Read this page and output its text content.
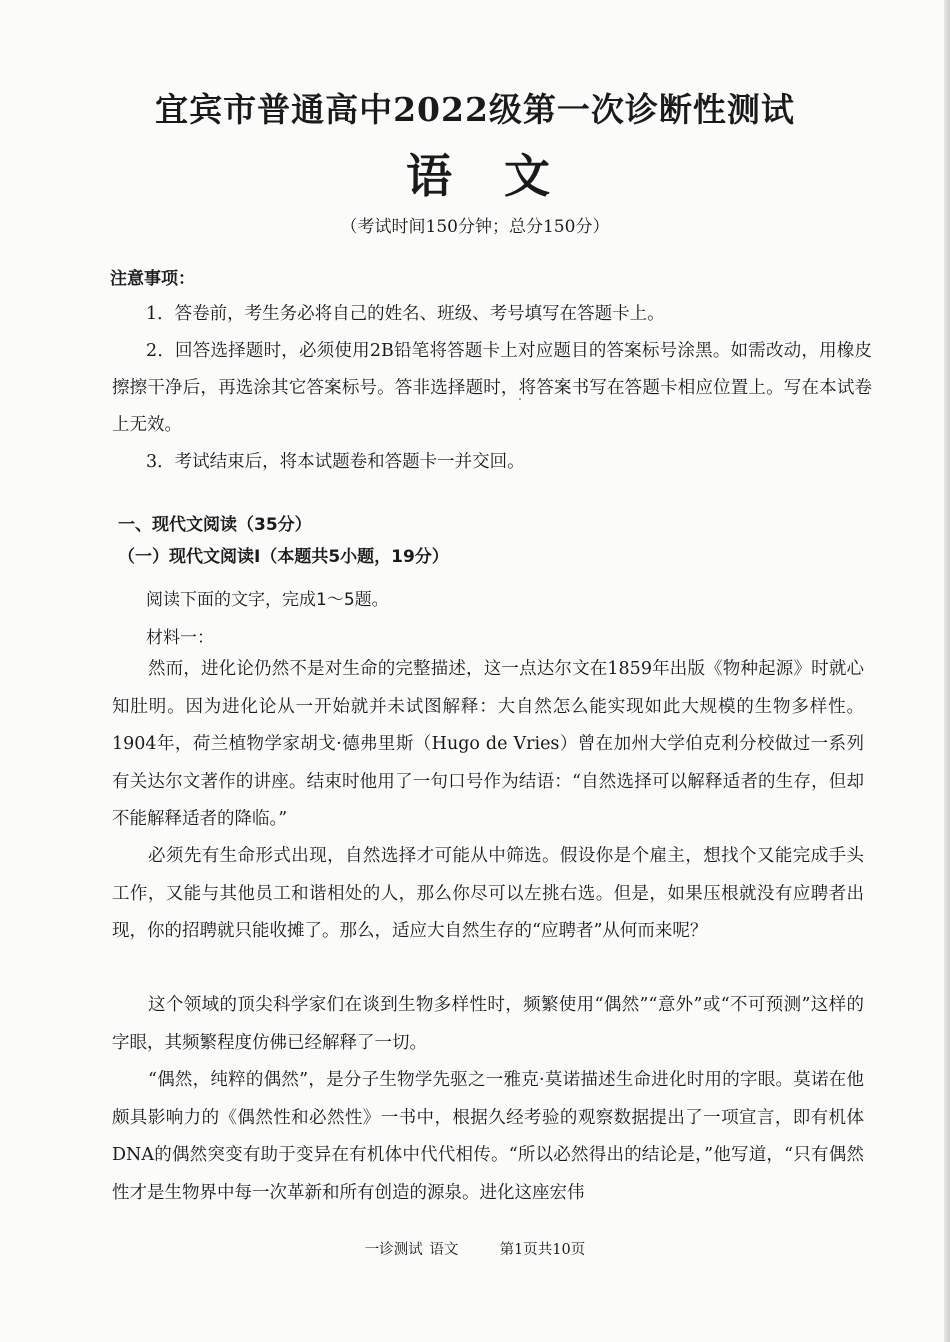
宜宾市普通高中2022级第一次诊断性测试
语 文
（考试时间150分钟；总分150分）
注意事项：

1．答卷前，考生务必将自己的姓名、班级、考号填写在答题卡上。

2．回答选择题时，必须使用2B铅笔将答题卡上对应题目的答案标号涂黑。如需改动，用橡皮擦擦干净后，再选涂其它答案标号。答非选择题时，将答案书写在答题卡相应位置上。写在本试卷上无效。

3．考试结束后，将本试题卷和答题卡一并交回。

一、现代文阅读（35分）
（一）现代文阅读Ⅰ（本题共5小题，19分）
阅读下面的文字，完成1～5题。
材料一：

然而，进化论仍然不是对生命的完整描述，这一点达尔文在1859年出版《物种起源》时就心知肚明。因为进化论从一开始就并未试图解释：大自然怎么能实现如此大规模的生物多样性。1904年，荷兰植物学家胡戈·德弗里斯（Hugo de Vries）曾在加州大学伯克利分校做过一系列有关达尔文著作的讲座。结束时他用了一句口号作为结语：“自然选择可以解释适者的生存，但却不能解释适者的降临。”

必须先有生命形式出现，自然选择才可能从中筛选。假设你是个雇主，想找个又能完成手头工作，又能与其他员工和谐相处的人，那么你尽可以左挑右选。但是，如果压根就没有应聘者出现，你的招聘就只能收摊了。那么，适应大自然生存的“应聘者”从何而来呢？

这个领域的顶尖科学家们在谈到生物多样性时，频繁使用“偶然”“意外”或“不可预测”这样的字眼，其频繁程度仿佛已经解释了一切。

“偶然，纯粹的偶然”，是分子生物学先驱之一雅克·莫诺描述生命进化时用的字眼。莫诺在他颇具影响力的《偶然性和必然性》一书中，根据久经考验的观察数据提出了一项宣言，即有机体DNA的偶然突变有助于变异在有机体中代代相传。“所以必然得出的结论是，”他写道，“只有偶然性才是生物界中每一次革新和所有创造的源泉。进化这座宏伟

一诊测试 语文	第1页共10页
